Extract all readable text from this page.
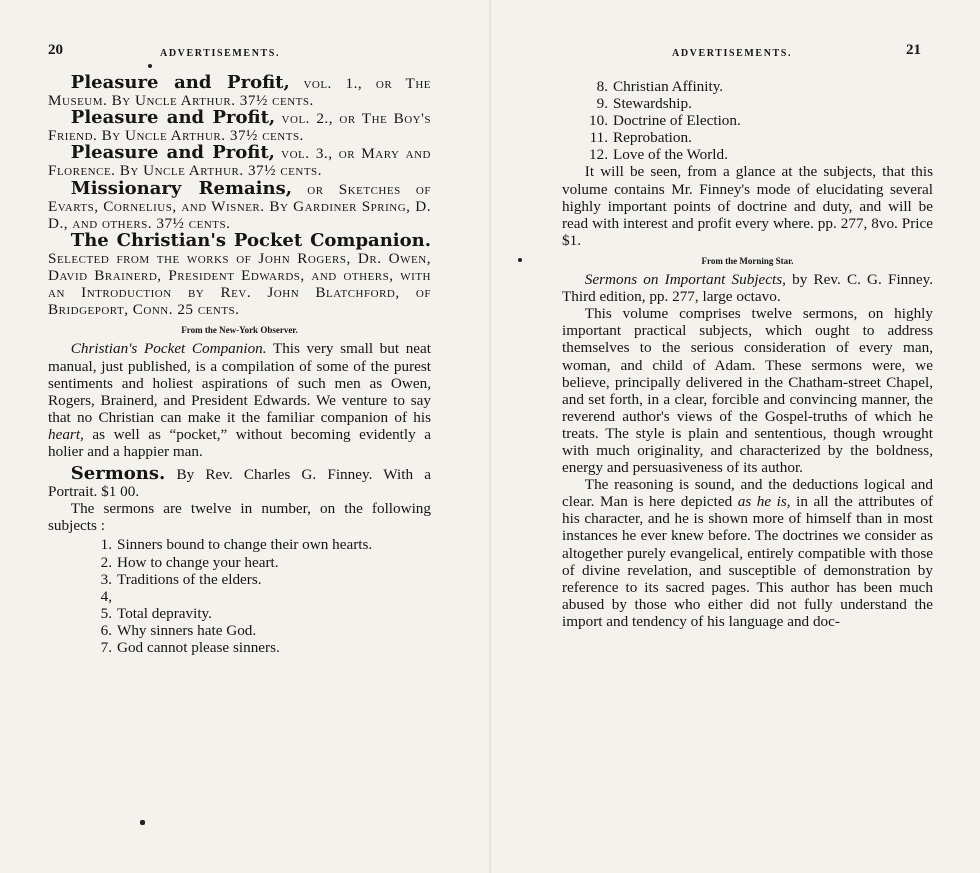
20	ADVERTISEMENTS.

Pleasure and Profit, vol. 1., or The Museum. By Uncle Arthur. 37½ cents.

Pleasure and Profit, vol. 2., or The Boy's Friend. By Uncle Arthur. 37½ cents.

Pleasure and Profit, vol. 3., or Mary and Florence. By Uncle Arthur. 37½ cents.

Missionary Remains, or Sketches of Evarts, Cornelius, and Wisner. By Gardiner Spring, D. D., and others. 37½ cents.

The Christian's Pocket Companion. Selected from the works of John Rogers, Dr. Owen, David Brainerd, President Edwards, and others, with an Introduction by Rev. John Blatchford, of Bridgeport, Conn. 25 cents.

From the New-York Observer.

Christian's Pocket Companion. This very small but neat manual, just published, is a compilation of some of the purest sentiments and holiest aspirations of such men as Owen, Rogers, Brainerd, and President Edwards. We venture to say that no Christian can make it the familiar companion of his heart, as well as “pocket,” without becoming evidently a holier and a happier man.

Sermons. By Rev. Charles G. Finney. With a Portrait. $1 00.

The sermons are twelve in number, on the following subjects :

1. Sinners bound to change their own hearts.
2. How to change your heart.
3. Traditions of the elders.
4, 5. Total depravity.
6. Why sinners hate God.
7. God cannot please sinners.
ADVERTISEMENTS.	21
8. Christian Affinity.
9. Stewardship.
10. Doctrine of Election.
11. Reprobation.
12. Love of the World.

It will be seen, from a glance at the subjects, that this volume contains Mr. Finney's mode of elucidating several highly important points of doctrine and duty, and will be read with interest and profit every where. pp. 277, 8vo. Price $1.

From the Morning Star.

Sermons on Important Subjects, by Rev. C. G. Finney. Third edition, pp. 277, large octavo.

This volume comprises twelve sermons, on highly important practical subjects, which ought to address themselves to the serious consideration of every man, woman, and child of Adam. These sermons were, we believe, principally delivered in the Chatham-street Chapel, and set forth, in a clear, forcible and convincing manner, the reverend author's views of the Gospel-truths of which he treats. The style is plain and sententious, though wrought with much originality, and characterized by the boldness, energy and persuasiveness of its author.

The reasoning is sound, and the deductions logical and clear. Man is here depicted as he is, in all the attributes of his character, and he is shown more of himself than in most instances he ever knew before. The doctrines we consider as altogether purely evangelical, entirely compatible with those of divine revelation, and susceptible of demonstration by reference to its sacred pages. This author has been much abused by those who either did not fully understand the import and tendency of his language and doc-
